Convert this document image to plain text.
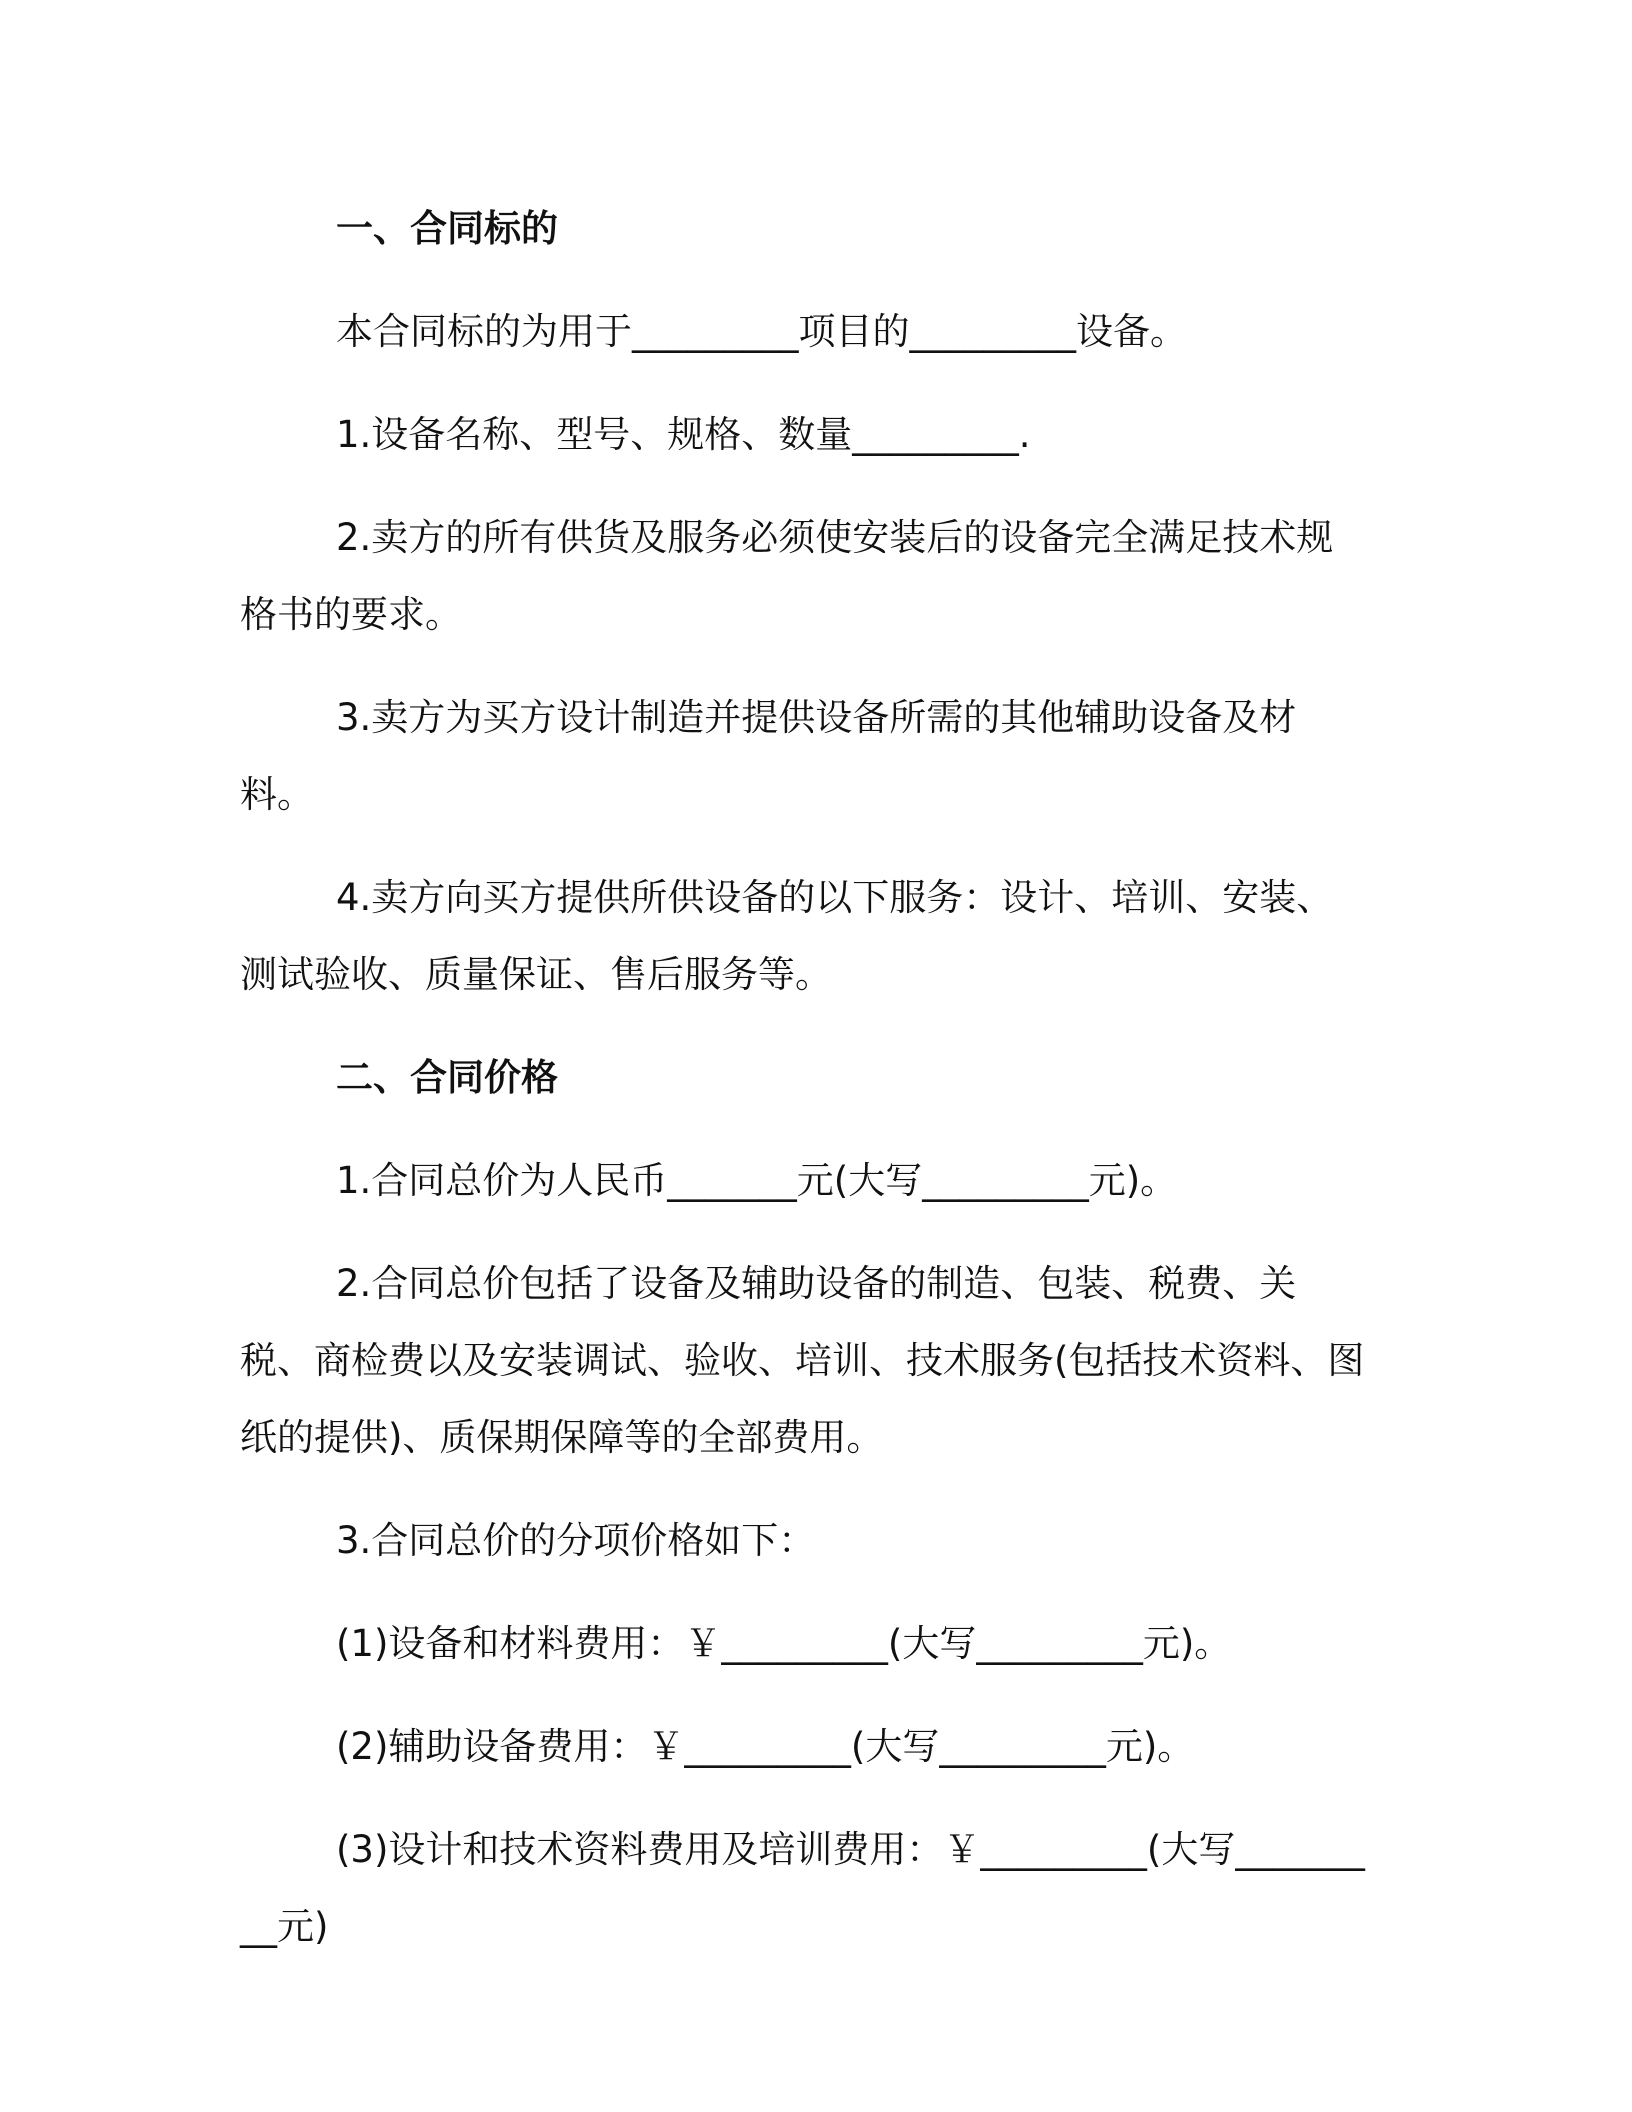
一、合同标的

本合同标的为用于_________项目的_________设备。

1.设备名称、型号、规格、数量_________.

2.卖方的所有供货及服务必须使安装后的设备完全满足技术规格书的要求。

3.卖方为买方设计制造并提供设备所需的其他辅助设备及材料。

4.卖方向买方提供所供设备的以下服务：设计、培训、安装、测试验收、质量保证、售后服务等。

二、合同价格

1.合同总价为人民币_______元(大写_________元)。

2.合同总价包括了设备及辅助设备的制造、包装、税费、关税、商检费以及安装调试、验收、培训、技术服务(包括技术资料、图纸的提供)、质保期保障等的全部费用。

3.合同总价的分项价格如下：

(1)设备和材料费用：￥_________(大写_________元)。

(2)辅助设备费用：￥_________(大写_________元)。

(3)设计和技术资料费用及培训费用：￥_________(大写_________元)
